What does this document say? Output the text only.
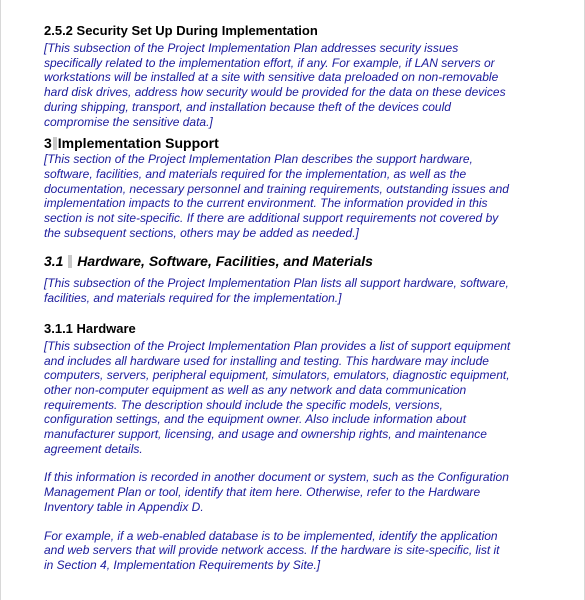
2.5.2 Security Set Up During Implementation

[This subsection of the Project Implementation Plan addresses security issues
specifically related to the implementation effort, if any. For example, if LAN servers or
workstations will be installed at a site with sensitive data preloaded on non-removable
hard disk drives, address how security would be provided for the data on these devices
during shipping, transport, and installation because theft of the devices could
compromise the sensitive data.]

3 Implementation Support

[This section of the Project Implementation Plan describes the support hardware,
software, facilities, and materials required for the implementation, as well as the
documentation, necessary personnel and training requirements, outstanding issues and
implementation impacts to the current environment. The information provided in this
section is not site-specific. If there are additional support requirements not covered by
the subsequent sections, others may be added as needed.]

3.1 Hardware, Software, Facilities, and Materials

[This subsection of the Project Implementation Plan lists all support hardware, software,
facilities, and materials required for the implementation.]

3.1.1 Hardware

[This subsection of the Project Implementation Plan provides a list of support equipment
and includes all hardware used for installing and testing. This hardware may include
computers, servers, peripheral equipment, simulators, emulators, diagnostic equipment,
other non-computer equipment as well as any network and data communication
requirements. The description should include the specific models, versions,
configuration settings, and the equipment owner. Also include information about
manufacturer support, licensing, and usage and ownership rights, and maintenance
agreement details.

If this information is recorded in another document or system, such as the Configuration
Management Plan or tool, identify that item here. Otherwise, refer to the Hardware
Inventory table in Appendix D.

For example, if a web-enabled database is to be implemented, identify the application
and web servers that will provide network access. If the hardware is site-specific, list it
in Section 4, Implementation Requirements by Site.]
